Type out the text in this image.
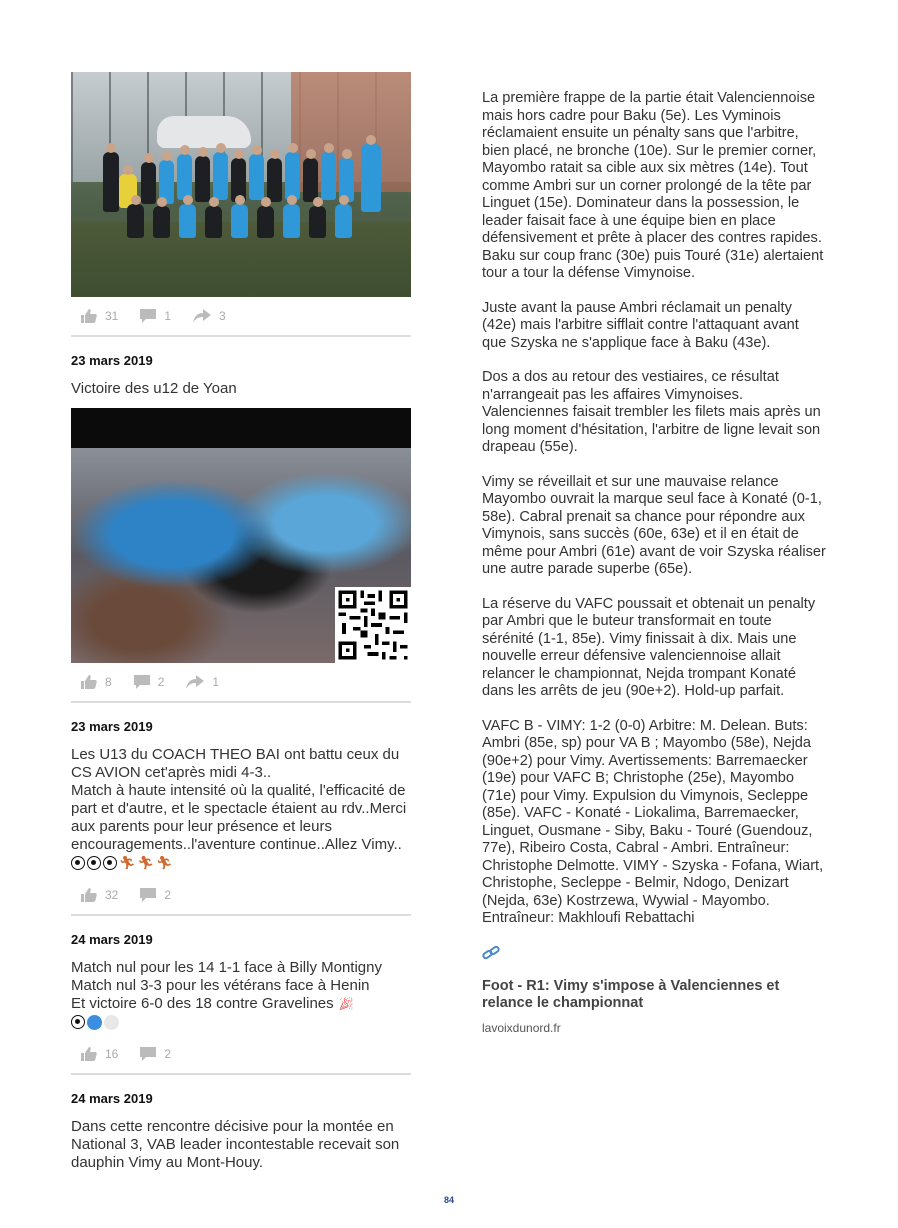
31	1	3
23 mars 2019
Victoire des u12 de Yoan
8	2	1
23 mars 2019
Les U13 du COACH THEO BAI ont battu ceux du CS AVION cet'après midi 4-3..
Match à haute intensité où la qualité, l'efficacité de part et d'autre, et le spectacle étaient au rdv..Merci aux parents pour leur présence et leurs encouragements..l'aventure continue..Allez Vimy..
🏃︎ 🏃︎ 🏃︎
32	2
24 mars 2019
Match nul pour les 14 1-1 face à Billy Montigny
Match nul 3-3 pour les vétérans face à Henin
Et victoire 6-0 des 18 contre Gravelines 🎉︎
16	2
24 mars 2019
Dans cette rencontre décisive pour la montée en National 3, VAB leader incontestable recevait son dauphin Vimy au Mont-Houy.

La première frappe de la partie était Valenciennoise mais hors cadre pour Baku (5e). Les Vyminois réclamaient ensuite un pénalty sans que l'arbitre, bien placé, ne bronche (10e). Sur le premier corner, Mayombo ratait sa cible aux six mètres (14e). Tout comme Ambri sur un corner prolongé de la tête par Linguet (15e). Dominateur dans la possession, le leader faisait face à une équipe bien en place défensivement et prête à placer des contres rapides. Baku sur coup franc (30e) puis Touré (31e) alertaient tour a tour la défense Vimynoise.

Juste avant la pause Ambri réclamait un penalty (42e) mais l'arbitre sifflait contre l'attaquant avant que Szyska ne s'applique face à Baku (43e).

Dos a dos au retour des vestiaires, ce résultat n'arrangeait pas les affaires Vimynoises. Valenciennes faisait trembler les filets mais après un long moment d'hésitation, l'arbitre de ligne levait son drapeau (55e).

Vimy se réveillait et sur une mauvaise relance Mayombo ouvrait la marque seul face à Konaté (0-1, 58e). Cabral prenait sa chance pour répondre aux Vimynois, sans succès (60e, 63e) et il en était de même pour Ambri (61e) avant de voir Szyska réaliser une autre parade superbe (65e).

La réserve du VAFC poussait et obtenait un penalty par Ambri que le buteur transformait en toute sérénité (1-1, 85e). Vimy finissait à dix. Mais une nouvelle erreur défensive valenciennoise allait relancer le championnat, Nejda trompant Konaté dans les arrêts de jeu (90e+2). Hold-up parfait.

VAFC B - VIMY: 1-2 (0-0) Arbitre: M. Delean. Buts: Ambri (85e, sp) pour VA B ; Mayombo (58e), Nejda (90e+2) pour Vimy. Avertissements: Barremaecker (19e) pour VAFC B; Christophe (25e), Mayombo (71e) pour Vimy. Expulsion du Vimynois, Secleppe (85e). VAFC - Konaté - Liokalima, Barremaecker, Linguet, Ousmane - Siby, Baku - Touré (Guendouz, 77e), Ribeiro Costa, Cabral - Ambri. Entraîneur: Christophe Delmotte. VIMY - Szyska - Fofana, Wiart, Christophe, Secleppe - Belmir, Ndogo, Denizart (Nejda, 63e) Kostrzewa, Wywial - Mayombo. Entraîneur: Makhloufi Rebattachi

Foot - R1: Vimy s'impose à Valenciennes et relance le championnat
lavoixdunord.fr
84
